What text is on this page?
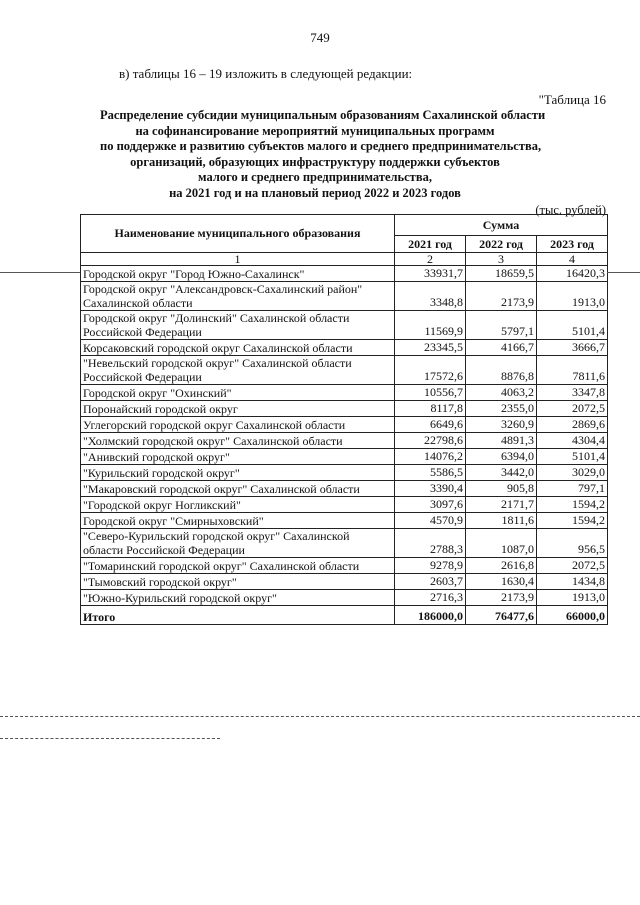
749
в) таблицы 16 – 19 изложить в следующей редакции:
"Таблица 16
Распределение субсидии муниципальным образованиям Сахалинской области
на софинансирование мероприятий муниципальных программ
по поддержке и развитию субъектов малого и среднего предпринимательства,
организаций, образующих инфраструктуру поддержки субъектов
малого и среднего предпринимательства,
на 2021 год и на плановый период 2022 и 2023 годов
(тыс. рублей)
Наименование муниципального образования	Сумма		
	2021 год	2022 год	2023 год
1	2	3	4
Городской округ "Город Южно-Сахалинск"	33931,7	18659,5	16420,3
Городской округ "Александровск-Сахалинский район" Сахалинской области	3348,8	2173,9	1913,0
Городской округ "Долинский" Сахалинской области Российской Федерации	11569,9	5797,1	5101,4
Корсаковский городской округ Сахалинской области	23345,5	4166,7	3666,7
"Невельский городской округ" Сахалинской области Российской Федерации	17572,6	8876,8	7811,6
Городской округ "Охинский"	10556,7	4063,2	3347,8
Поронайский городской округ	8117,8	2355,0	2072,5
Углегорский городской округ Сахалинской области	6649,6	3260,9	2869,6
"Холмский городской округ" Сахалинской области	22798,6	4891,3	4304,4
"Анивский городской округ"	14076,2	6394,0	5101,4
"Курильский городской округ"	5586,5	3442,0	3029,0
"Макаровский городской округ" Сахалинской области	3390,4	905,8	797,1
"Городской округ Ногликский"	3097,6	2171,7	1594,2
Городской округ "Смирныховский"	4570,9	1811,6	1594,2
"Северо-Курильский городской округ" Сахалинской области Российской Федерации	2788,3	1087,0	956,5
"Томаринский городской округ" Сахалинской области	9278,9	2616,8	2072,5
"Тымовский городской округ"	2603,7	1630,4	1434,8
"Южно-Курильский городской округ"	2716,3	2173,9	1913,0
Итого	186000,0	76477,6	66000,0
